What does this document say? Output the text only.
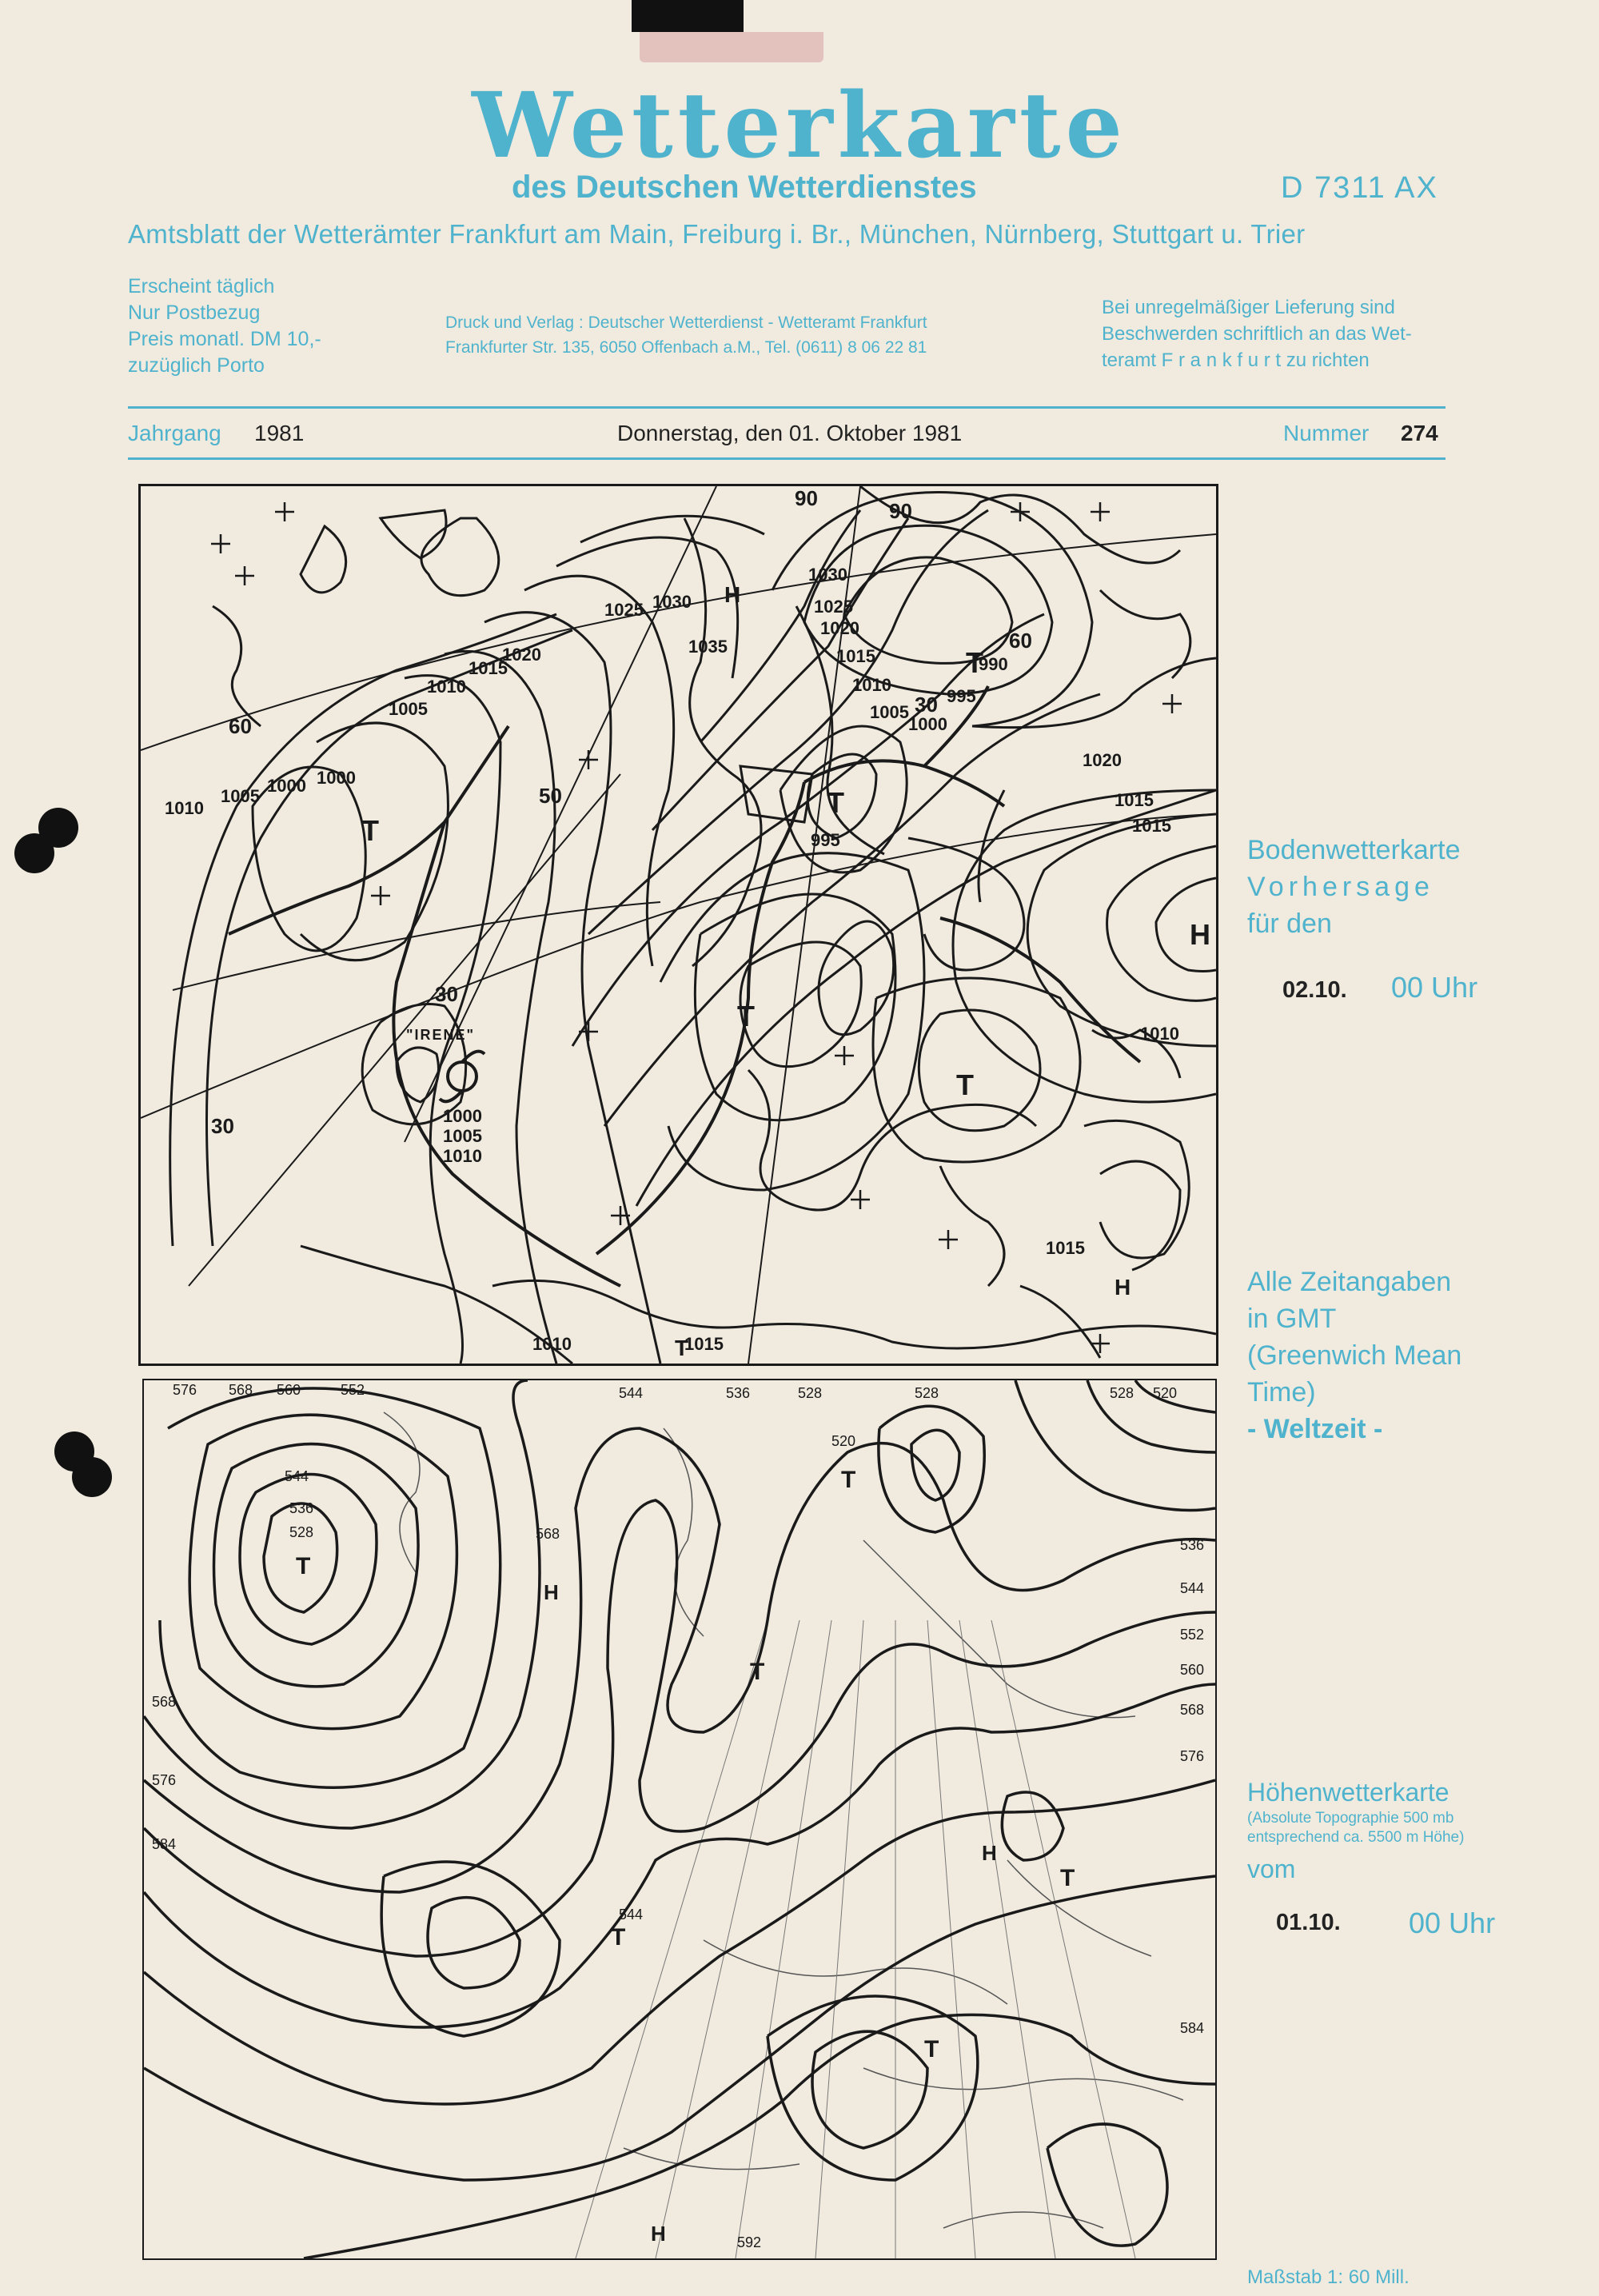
Wetterkarte
des Deutschen Wetterdienstes	D 7311 AX
Amtsblatt der Wetterämter Frankfurt am Main, Freiburg i. Br., München, Nürnberg, Stuttgart u. Trier
Erscheint täglich
Nur Postbezug
Preis monatl. DM 10,-
zuzüglich Porto
Druck und Verlag : Deutscher Wetterdienst - Wetteramt Frankfurt
Frankfurter Str. 135, 6050 Offenbach a.M., Tel. (0611) 8 06 22 81
Bei unregelmäßiger Lieferung sind
Beschwerden schriftlich an das Wet-
teramt F r a n k f u r t zu richten
Jahrgang 1981	Donnerstag, den 01. Oktober 1981	Nummer 274
1030
1025
1020
1015
1010
1005
1000
995
990
1035
1025 1030
1020
1015
1010
1005
1000
995
1000
1005
1010	1015
1020
1015
1010
1010	1015
1000
1005
1010
1015
60
50
30
30
30
60
90
90
"IRENE"
T
T
T
T
T
T
H
H
H
Bodenwetterkarte
Vorhersage
für den
02.10. 00 Uhr
Alle Zeitangaben
in GMT
(Greenwich Mean
Time)
- Weltzeit -
576 568 560	552
544
536
528
520
528 520
536
544
552
560
568
576
584
576
568
544
568
584
528
536
544	528
592
T
T
T
T
T
T
H
H
H
Höhenwetterkarte
(Absolute Topographie 500 mb
entsprechend ca. 5500 m Höhe)
vom
01.10. 00 Uhr
Maßstab 1: 60 Mill.
